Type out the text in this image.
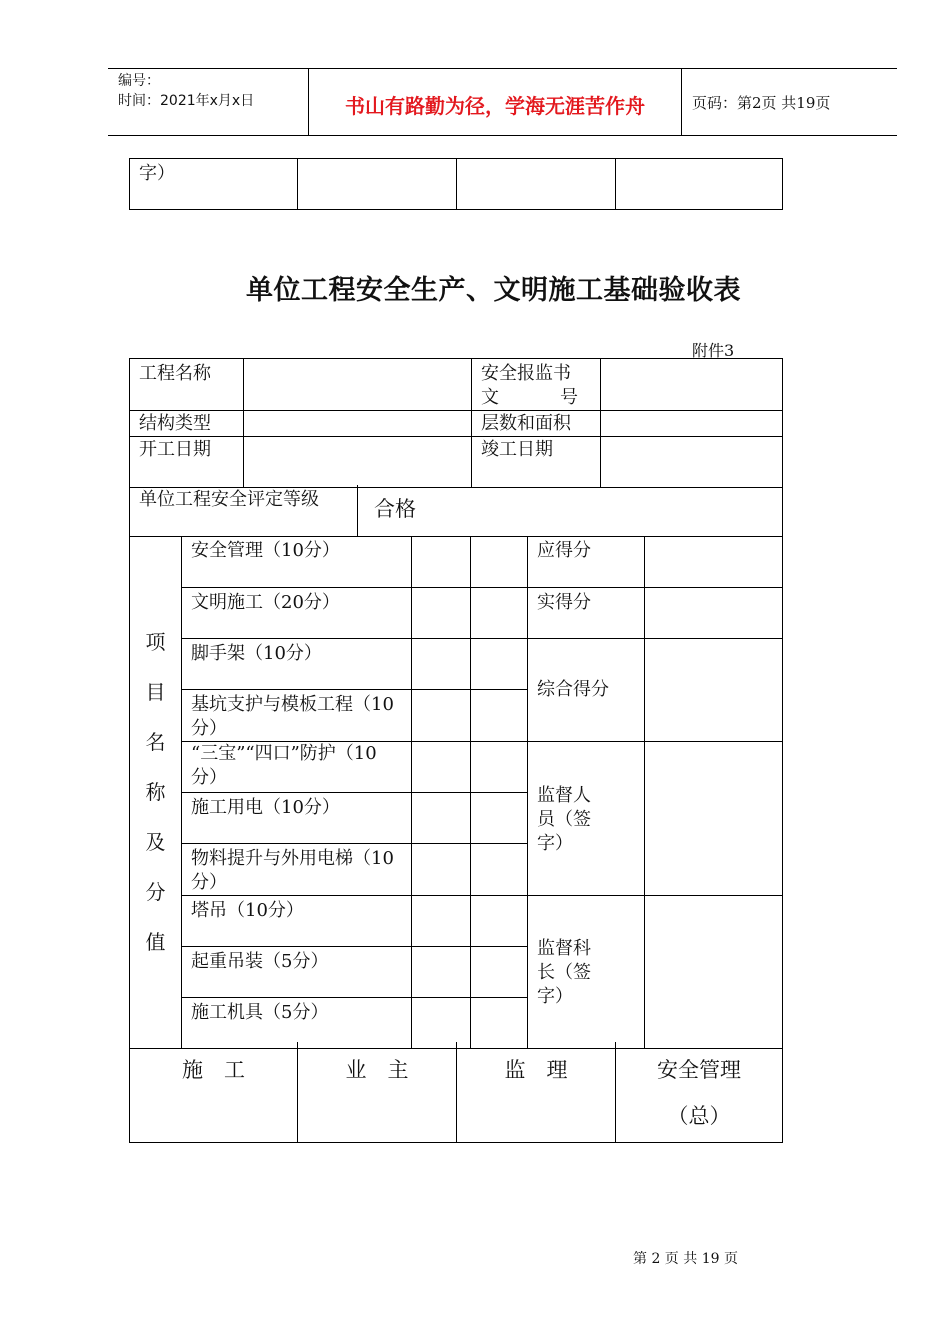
编号：
时间：2021年x月x日	书山有路勤为径，学海无涯苦作舟	页码：第2页 共19页
字）

单位工程安全生产、文明施工基础验收表
附件3
工程名称		安全报监书
文 号	

结构类型		层数和面积	

开工日期		竣工日期	

单位工程安全评定等级	合格
项目名称及分值	安全管理（10分）			应得分	

	文明施工（20分）			实得分	

	脚手架（10分）			综合得分	

	基坑支护与模板工程（10分）				

	“三宝”“四口”防护（10分）			监督人员（签字）	

	施工用电（10分）				

	物料提升与外用电梯（10分）				

	塔吊（10分）			监督科长（签字）	

	起重吊装（5分）				

	施工机具（5分）				

施　工	业　主	监　理	安全管理
（总）
第 2 页 共 19 页
